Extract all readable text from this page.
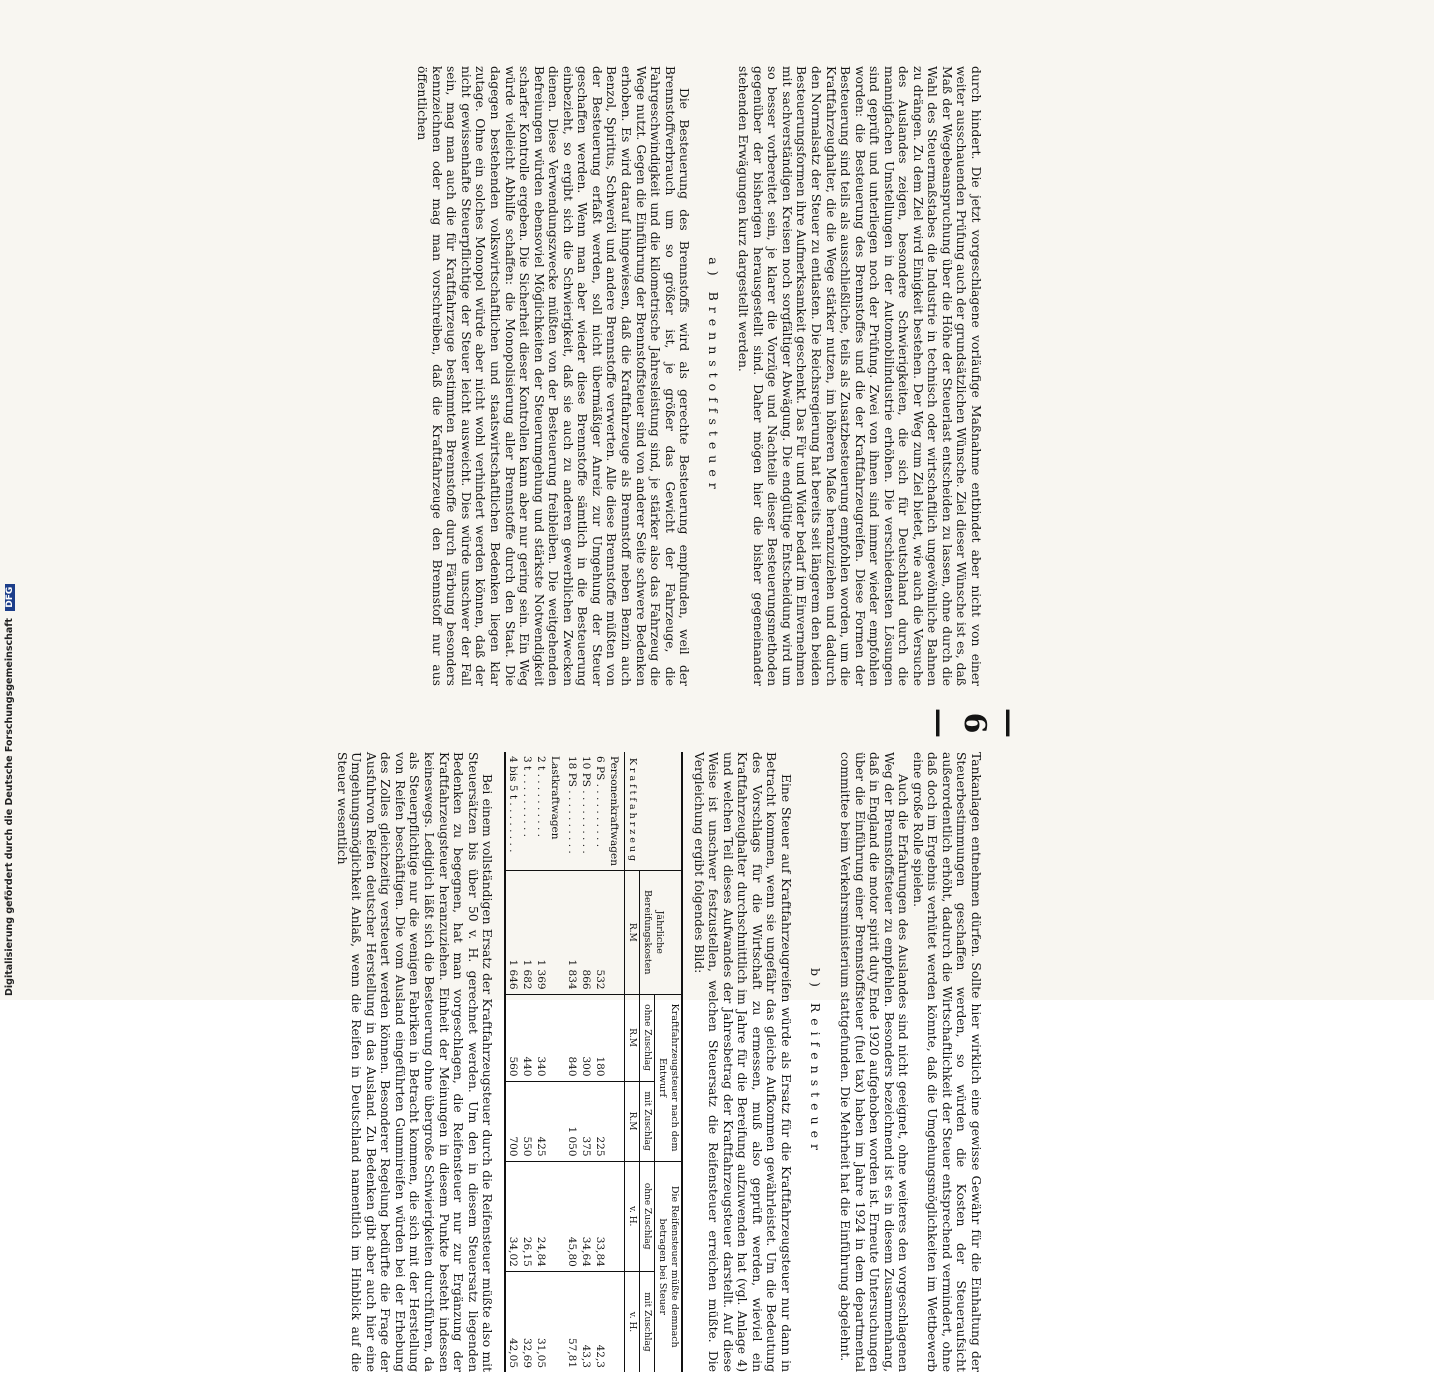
Digitalisierung gefördert durch die Deutsche Forschungsgemeinschaft DFG
— 6 —

durch hindert. Die jetzt vorgeschlagene vorläufige Maßnahme entbindet aber nicht von einer weiter ausschauenden Prüfung auch der grundsätzlichen Wünsche. Ziel dieser Wünsche ist es, daß Maß der Wegebeanspruchung über die Höhe der Steuerlast entscheiden zu lassen, ohne durch die Wahl des Steuermaßstabes die Industrie in technisch oder wirtschaftlich ungewöhnliche Bahnen zu drängen. Zu dem Ziel wird Einigkeit bestehen. Der Weg zum Ziel bietet, wie auch die Versuche des Auslandes zeigen, besondere Schwierigkeiten, die sich für Deutschland durch die mannigfachen Umstellungen in der Automobilindustrie erhöhen. Die verschiedensten Lösungen sind geprüft und unterliegen noch der Prüfung. Zwei von ihnen sind immer wieder empfohlen worden: die Besteuerung des Brennstoffes und die der Kraftfahrzeugreifen. Diese Formen der Besteuerung sind teils als ausschließliche, teils als Zusatzbesteuerung empfohlen worden, um die Kraftfahrzeughalter, die die Wege stärker nutzen, im höheren Maße heranzuziehen und dadurch den Normalsatz der Steuer zu entlasten. Die Reichsregierung hat bereits seit längerem den beiden Besteuerungsformen ihre Aufmerksamkeit geschenkt. Das Für und Wider bedarf im Einvernehmen mit sachverständigen Kreisen noch sorgfältiger Abwägung. Die endgültige Entscheidung wird um so besser vorbereitet sein, je klarer die Vorzüge und Nachteile dieser Besteuerungsmethoden gegenüber der bisherigen herausgestellt sind. Daher mögen hier die bisher gegeneinander stehenden Erwägungen kurz dargestellt werden.

a) Brennstoffsteuer

Die Besteuerung des Brennstoffs wird als gerechte Besteuerung empfunden, weil der Brennstoffverbrauch um so größer ist, je größer das Gewicht der Fahrzeuge, die Fahrgeschwindigkeit und die kilometrische Jahresleistung sind, je stärker also das Fahrzeug die Wege nutzt. Gegen die Einführung der Brennstoffsteuer sind von anderer Seite schwere Bedenken erhoben. Es wird darauf hingewiesen, daß die Kraftfahrzeuge als Brennstoff neben Benzin auch Benzol, Spiritus, Schweröl und andere Brennstoffe verwerten. Alle diese Brennstoffe müßten von der Besteuerung erfaßt werden, soll nicht übermäßiger Anreiz zur Umgehung der Steuer geschaffen werden. Wenn man aber wieder diese Brennstoffe sämtlich in die Besteuerung einbezieht, so ergibt sich die Schwierigkeit, daß sie auch zu anderen gewerblichen Zwecken dienen. Diese Verwendungszwecke müßten von der Besteuerung freibleiben. Die weitgehenden Befreiungen würden ebensoviel Möglichkeiten der Steuerumgehung und stärkste Notwendigkeit scharfer Kontrolle ergeben. Die Sicherheit dieser Kontrollen kann aber nur gering sein. Ein Weg würde vielleicht Abhilfe schaffen: die Monopolisierung aller Brennstoffe durch den Staat. Die dagegen bestehenden volkswirtschaftlichen und staatswirtschaftlichen Bedenken liegen klar zutage. Ohne ein solches Monopol würde aber nicht wohl verhindert werden können, daß der nicht gewissenhafte Steuerpflichtige der Steuer leicht ausweicht. Dies würde unschwer der Fall sein, mag man auch die für Kraftfahrzeuge bestimmten Brennstoffe durch Färbung besonders kennzeichnen oder mag man vorschreiben, daß die Kraftfahrzeuge den Brennstoff nur aus öffentlichen

Tankanlagen entnehmen dürfen. Sollte hier wirklich eine gewisse Gewähr für die Einhaltung der Steuerbestimmungen geschaffen werden, so würden die Kosten der Steueraufsicht außerordentlich erhöht, dadurch die Wirtschaftlichkeit der Steuer entsprechend vermindert, ohne daß doch im Ergebnis verhütet werden könnte, daß die Umgehungsmöglichkeiten im Wettbewerb eine große Rolle spielen.

Auch die Erfahrungen des Auslandes sind nicht geeignet, ohne weiteres den vorgeschlagenen Weg der Brennstoffsteuer zu empfehlen. Besonders bezeichnend ist es in diesem Zusammenhang, daß in England die motor spirit duty Ende 1920 aufgehoben worden ist. Erneute Untersuchungen über die Einführung einer Brennstoffsteuer (fuel tax) haben im Jahre 1924 in dem departmental committee beim Verkehrsministerium stattgefunden. Die Mehrheit hat die Einführung abgelehnt.

b) Reifensteuer

Eine Steuer auf Kraftfahrzeugreifen würde als Ersatz für die Kraftfahrzeugsteuer nur dann in Betracht kommen, wenn sie ungefähr das gleiche Aufkommen gewährleistet. Um die Bedeutung des Vorschlags für die Wirtschaft zu ermessen, muß also geprüft werden, wieviel ein Kraftfahrzeughalter durchschnittlich im Jahre für die Bereifung aufzuwenden hat (vgl. Anlage 4) und welchen Teil dieses Aufwandes der Jahresbetrag der Kraftfahrzeugsteuer darstellt. Auf diese Weise ist unschwer festzustellen, welchen Steuersatz die Reifensteuer erreichen müßte. Die Vergleichung ergibt folgendes Bild:

Kraftfahrzeug	Jährliche Bereifungskosten	Kraftfahrzeugsteuer nach dem Entwurf		Die Reifensteuer müßte demnach betragen bei Steuer	
		ohne Zuschlag	mit Zuschlag	ohne Zuschlag	mit Zuschlag
	R.M	R.M	R.M	v. H.	v. H.
Personenkraftwagen					
6 PS . . . . . . . . . .	532	180	225	33,84	42,3
10 PS . . . . . . . . . .	866	300	375	34,64	43,3
18 PS . . . . . . . . . .	1 834	840	1 050	45,80	57,81
Lastkraftwagen					
2 t . . . . . . . . . .	1 369	340	425	24,84	31,05
3 t . . . . . . . . . .	1 682	440	550	26,15	32,69
4 bis 5 t . . . . . . . .	1 646	560	700	34,02	42,05

Bei einem vollständigen Ersatz der Kraftfahrzeugsteuer durch die Reifensteuer müßte also mit Steuersätzen bis über 50 v. H. gerechnet werden. Um den in diesem Steuersatz liegenden Bedenken zu begegnen, hat man vorgeschlagen, die Reifensteuer nur zur Ergänzung der Kraftfahrzeugsteuer heranzuziehen. Einheit der Meinungen in diesem Punkte besteht indessen keineswegs. Lediglich läßt sich die Besteuerung ohne übergroße Schwierigkeiten durchführen, da als Steuerpflichtige nur die wenigen Fabriken in Betracht kommen, die sich mit der Herstellung von Reifen beschäftigen. Die vom Ausland eingeführten Gummireifen würden bei der Erhebung des Zolles gleichzeitig versteuert werden können. Besonderer Regelung bedürfte die Frage der Ausfuhrvon Reifen deutscher Herstellung in das Ausland. Zu Bedenken gibt aber auch hier eine Umgehungsmöglichkeit Anlaß, wenn die Reifen in Deutschland namentlich im Hinblick auf die Steuer wesentlich
